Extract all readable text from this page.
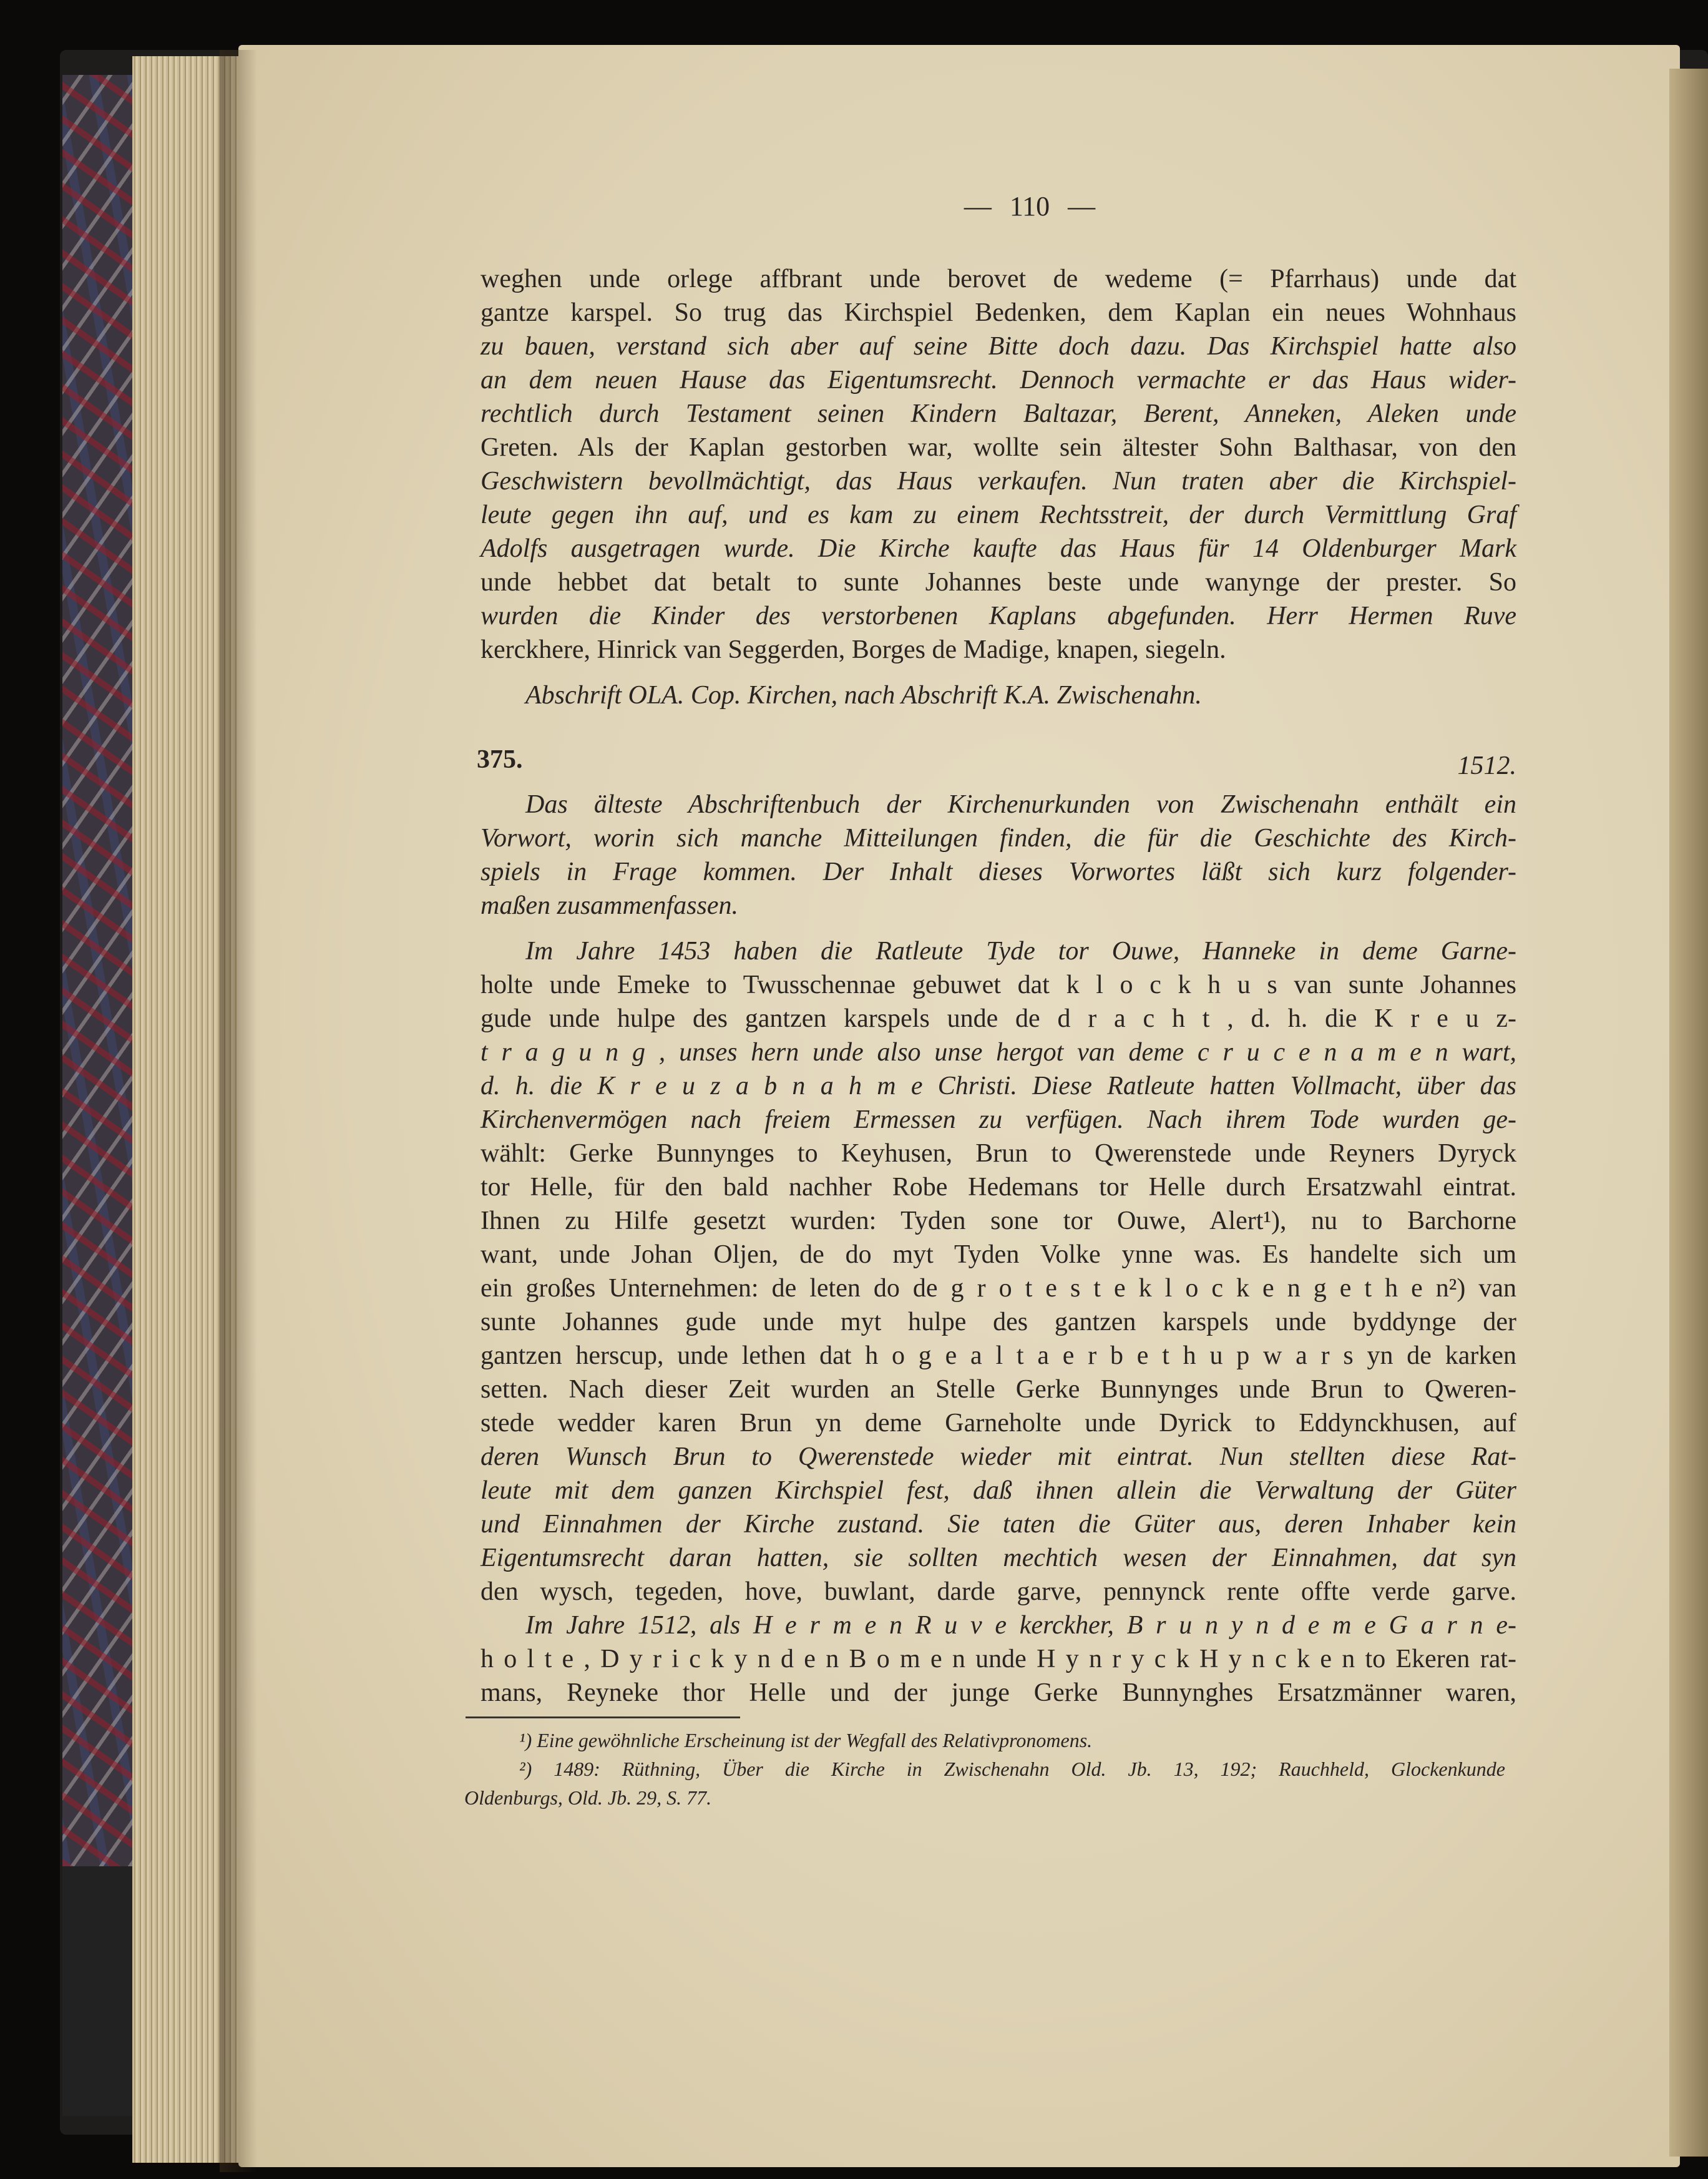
— 110 —
weghen unde orlege affbrant unde berovet de wedeme (= Pfarrhaus) unde dat
gantze karspel. So trug das Kirchspiel Bedenken, dem Kaplan ein neues Wohnhaus
zu bauen, verstand sich aber auf seine Bitte doch dazu. Das Kirchspiel hatte also
an dem neuen Hause das Eigentumsrecht. Dennoch vermachte er das Haus wider-
rechtlich durch Testament seinen Kindern Baltazar, Berent, Anneken, Aleken unde
Greten. Als der Kaplan gestorben war, wollte sein ältester Sohn Balthasar, von den
Geschwistern bevollmächtigt, das Haus verkaufen. Nun traten aber die Kirchspiel-
leute gegen ihn auf, und es kam zu einem Rechtsstreit, der durch Vermittlung Graf
Adolfs ausgetragen wurde. Die Kirche kaufte das Haus für 14 Oldenburger Mark
unde hebbet dat betalt to sunte Johannes beste unde wanynge der prester. So
wurden die Kinder des verstorbenen Kaplans abgefunden. Herr Hermen Ruve
kerckhere, Hinrick van Seggerden, Borges de Madige, knapen, siegeln.
Abschrift OLA. Cop. Kirchen, nach Abschrift K.A. Zwischenahn.
375.	1512.
Das älteste Abschriftenbuch der Kirchenurkunden von Zwischenahn enthält ein
Vorwort, worin sich manche Mitteilungen finden, die für die Geschichte des Kirch-
spiels in Frage kommen. Der Inhalt dieses Vorwortes läßt sich kurz folgender-
maßen zusammenfassen.
Im Jahre 1453 haben die Ratleute Tyde tor Ouwe, Hanneke in deme Garne-
holte unde Emeke to Twusschennae gebuwet dat k l o c k h u s van sunte Johannes
gude unde hulpe des gantzen karspels unde de d r a c h t , d. h. die K r e u z-
t r a g u n g , unses hern unde also unse hergot van deme c r u c e n a m e n wart,
d. h. die K r e u z a b n a h m e Christi. Diese Ratleute hatten Vollmacht, über das
Kirchenvermögen nach freiem Ermessen zu verfügen. Nach ihrem Tode wurden ge-
wählt: Gerke Bunnynges to Keyhusen, Brun to Qwerenstede unde Reyners Dyryck
tor Helle, für den bald nachher Robe Hedemans tor Helle durch Ersatzwahl eintrat.
Ihnen zu Hilfe gesetzt wurden: Tyden sone tor Ouwe, Alert¹), nu to Barchorne
want, unde Johan Oljen, de do myt Tyden Volke ynne was. Es handelte sich um
ein großes Unternehmen: de leten do de g r o t e s t e k l o c k e n g e t h e n²) van
sunte Johannes gude unde myt hulpe des gantzen karspels unde byddynge der
gantzen herscup, unde lethen dat h o g e a l t a e r b e t h u p w a r s yn de karken
setten. Nach dieser Zeit wurden an Stelle Gerke Bunnynges unde Brun to Qweren-
stede wedder karen Brun yn deme Garneholte unde Dyrick to Eddynckhusen, auf
deren Wunsch Brun to Qwerenstede wieder mit eintrat. Nun stellten diese Rat-
leute mit dem ganzen Kirchspiel fest, daß ihnen allein die Verwaltung der Güter
und Einnahmen der Kirche zustand. Sie taten die Güter aus, deren Inhaber kein
Eigentumsrecht daran hatten, sie sollten mechtich wesen der Einnahmen, dat syn
den wysch, tegeden, hove, buwlant, darde garve, pennynck rente offte verde garve.
Im Jahre 1512, als H e r m e n R u v e kerckher, B r u n y n d e m e G a r n e-
h o l t e , D y r i c k y n d e n B o m e n unde H y n r y c k H y n c k e n to Ekeren rat-
mans, Reyneke thor Helle und der junge Gerke Bunnynghes Ersatzmänner waren,
¹) Eine gewöhnliche Erscheinung ist der Wegfall des Relativpronomens.
²) 1489: Rüthning, Über die Kirche in Zwischenahn Old. Jb. 13, 192; Rauchheld, Glockenkunde
Oldenburgs, Old. Jb. 29, S. 77.
